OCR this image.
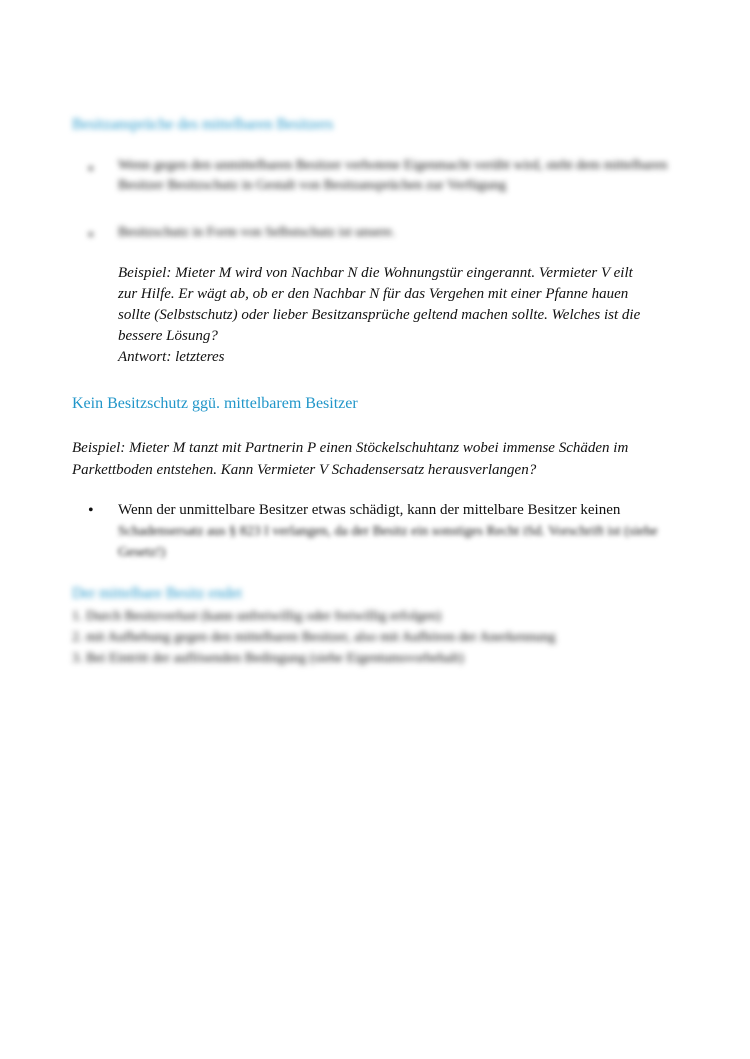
Besitzansprüche des mittelbaren Besitzers
• Wenn gegen den unmittelbaren Besitzer verbotene Eigenmacht verübt wird, steht dem mittelbaren Besitzer Besitzschutz in Gestalt von Besitzansprüchen zur Verfügung
• Besitzschutz in Form von Selbstschutz ist unsere.
Beispiel: Mieter M wird von Nachbar N die Wohnungstür eingerannt. Vermieter V eilt
zur Hilfe. Er wägt ab, ob er den Nachbar N für das Vergehen mit einer Pfanne hauen
sollte (Selbstschutz) oder lieber Besitzansprüche geltend machen sollte. Welches ist die
bessere Lösung?
Antwort: letzteres
Kein Besitzschutz ggü. mittelbarem Besitzer
Beispiel: Mieter M tanzt mit Partnerin P einen Stöckelschuhtanz wobei immense Schäden im Parkettboden entstehen. Kann Vermieter V Schadensersatz herausverlangen?
• Wenn der unmittelbare Besitzer etwas schädigt, kann der mittelbare Besitzer keinen
Schadensersatz aus § 823 I verlangen, da der Besitz ein sonstiges Recht iSd. Vorschrift ist (siehe Gesetz!)
Der mittelbare Besitz endet
1. Durch Besitzverlust (kann unfreiwillig oder freiwillig erfolgen)
2. mit Aufhebung gegen den mittelbaren Besitzer, also mit Aufhören der Anerkennung
3. Bei Eintritt der auflösenden Bedingung (siehe Eigentumsvorbehalt)
